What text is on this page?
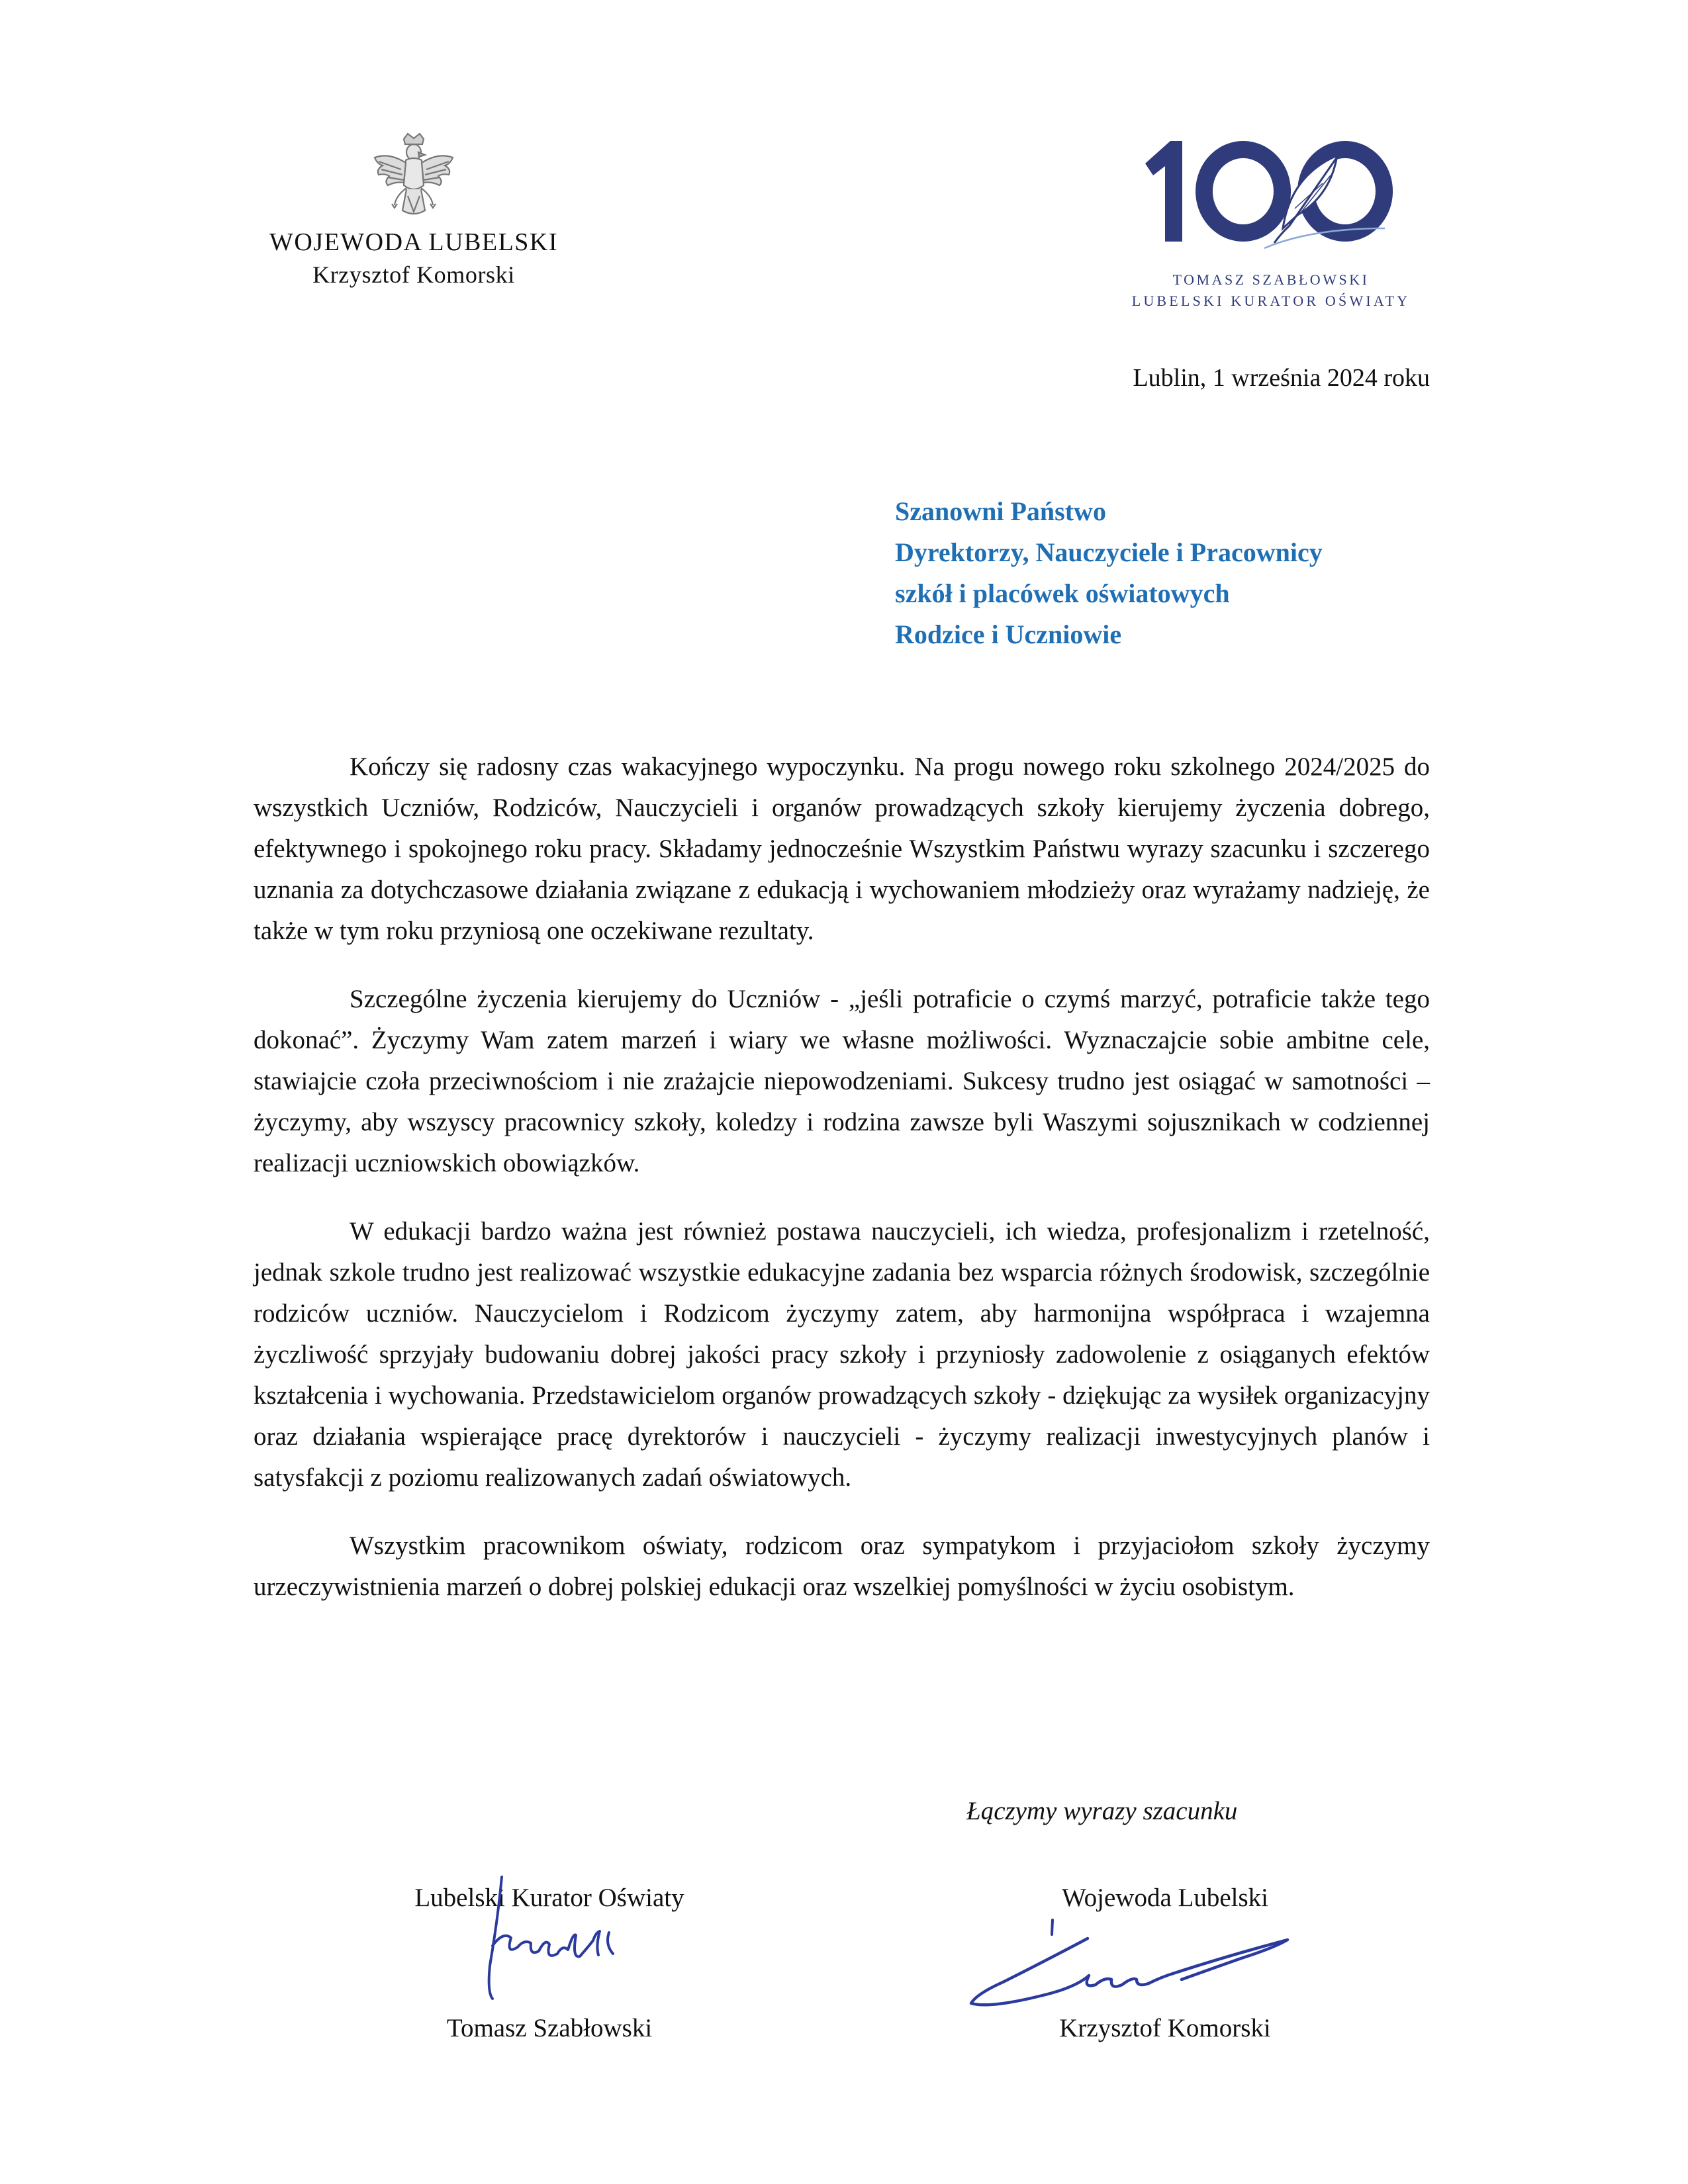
WOJEWODA LUBELSKI
Krzysztof Komorski	TOMASZ SZABŁOWSKI
LUBELSKI KURATOR OŚWIATY
Lublin, 1 września 2024 roku
Szanowni Państwo
Dyrektorzy, Nauczyciele i Pracownicy
szkół i placówek oświatowych
Rodzice i Uczniowie

Kończy się radosny czas wakacyjnego wypoczynku. Na progu nowego roku szkolnego 2024/2025 do wszystkich Uczniów, Rodziców, Nauczycieli i organów prowadzących szkoły kierujemy życzenia dobrego, efektywnego i spokojnego roku pracy. Składamy jednocześnie Wszystkim Państwu wyrazy szacunku i szczerego uznania za dotychczasowe działania związane z edukacją i wychowaniem młodzieży oraz wyrażamy nadzieję, że także w tym roku przyniosą one oczekiwane rezultaty.

Szczególne życzenia kierujemy do Uczniów - „jeśli potraficie o czymś marzyć, potraficie także tego dokonać”. Życzymy Wam zatem marzeń i wiary we własne możliwości. Wyznaczajcie sobie ambitne cele, stawiajcie czoła przeciwnościom i nie zrażajcie niepowodzeniami. Sukcesy trudno jest osiągać w samotności – życzymy, aby wszyscy pracownicy szkoły, koledzy i rodzina zawsze byli Waszymi sojusznikach w codziennej realizacji uczniowskich obowiązków.

W edukacji bardzo ważna jest również postawa nauczycieli, ich wiedza, profesjonalizm i rzetelność, jednak szkole trudno jest realizować wszystkie edukacyjne zadania bez wsparcia różnych środowisk, szczególnie rodziców uczniów. Nauczycielom i Rodzicom życzymy zatem, aby harmonijna współpraca i wzajemna życzliwość sprzyjały budowaniu dobrej jakości pracy szkoły i przyniosły zadowolenie z osiąganych efektów kształcenia i wychowania. Przedstawicielom organów prowadzących szkoły - dziękując za wysiłek organizacyjny oraz działania wspierające pracę dyrektorów i nauczycieli - życzymy realizacji inwestycyjnych planów i satysfakcji z poziomu realizowanych zadań oświatowych.

Wszystkim pracownikom oświaty, rodzicom oraz sympatykom i przyjaciołom szkoły życzymy urzeczywistnienia marzeń o dobrej polskiej edukacji oraz wszelkiej pomyślności w życiu osobistym.

Łączymy wyrazy szacunku
Lubelski Kurator Oświaty
Tomasz Szabłowski
Wojewoda Lubelski
Krzysztof Komorski
